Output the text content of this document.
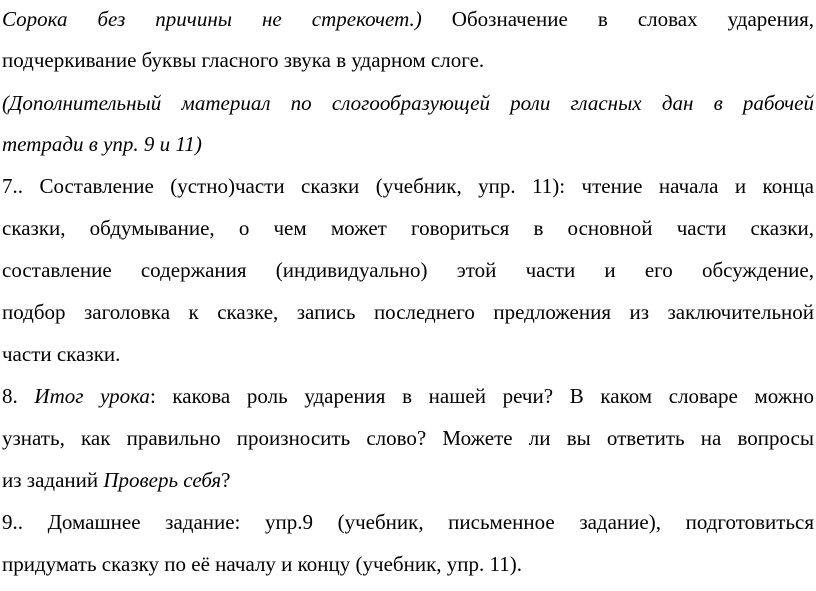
Сорока без причины не стрекочет.) Обозначение в словах ударения,
подчеркивание буквы гласного звука в ударном слоге.
(Дополнительный материал по слогообразующей роли гласных дан в рабочей
тетради в упр. 9 и 11)
7.. Составление (устно)части сказки (учебник, упр. 11): чтение начала и конца
сказки, обдумывание, о чем может говориться в основной части сказки,
составление содержания (индивидуально) этой части и его обсуждение,
подбор заголовка к сказке, запись последнего предложения из заключительной
части сказки.
8. Итог урока: какова роль ударения в нашей речи? В каком словаре можно
узнать, как правильно произносить слово? Можете ли вы ответить на вопросы
из заданий Проверь себя?
9.. Домашнее задание: упр.9 (учебник, письменное задание), подготовиться
придумать сказку по её началу и концу (учебник, упр. 11).
